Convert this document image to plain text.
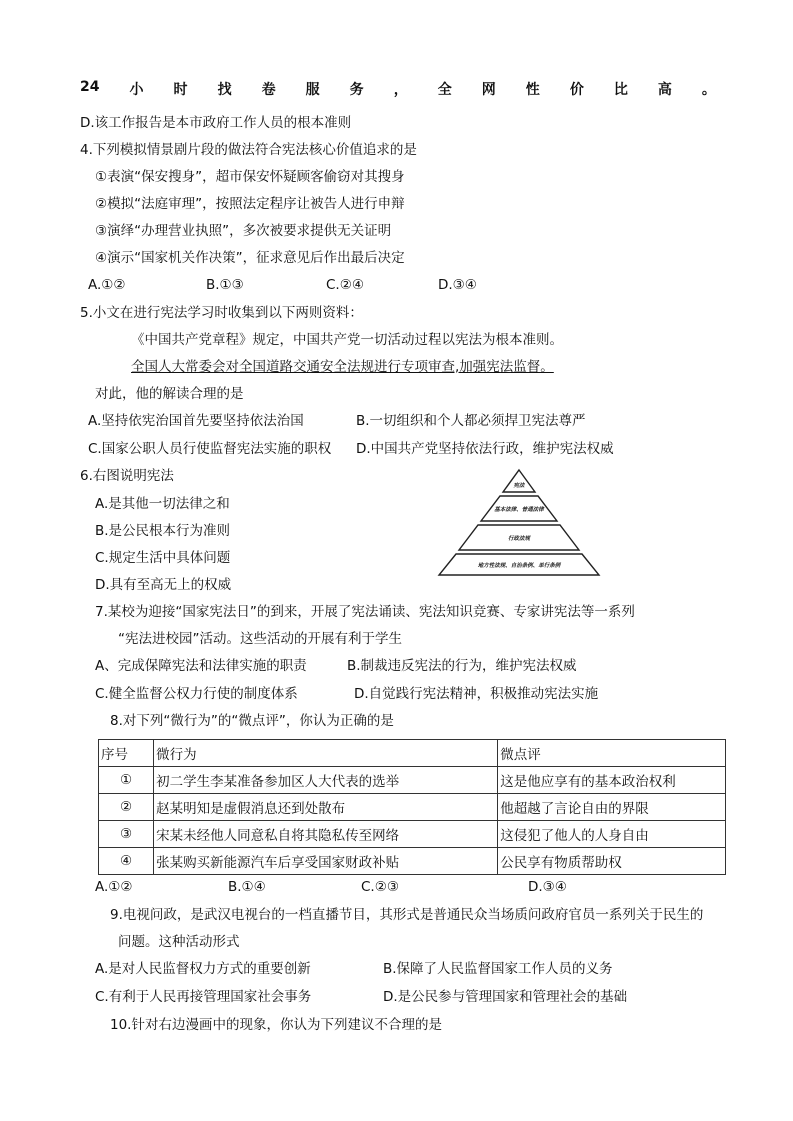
24 小 时 找 卷 服 务 ， 全 网 性 价 比 高 。
D.该工作报告是本市政府工作人员的根本准则
4.下列模拟情景剧片段的做法符合宪法核心价值追求的是
①表演“保安搜身”，超市保安怀疑顾客偷窃对其搜身
②模拟“法庭审理”，按照法定程序让被告人进行申辩
③演绎“办理营业执照”，多次被要求提供无关证明
④演示“国家机关作决策”，征求意见后作出最后决定
A.①②	B.①③	C.②④	D.③④
5.小文在进行宪法学习时收集到以下两则资料：
《中国共产党章程》规定，中国共产党一切活动过程以宪法为根本准则。
全国人大常委会对全国道路交通安全法规进行专项审查,加强宪法监督。
对此，他的解读合理的是
A.坚持依宪治国首先要坚持依法治国	B.一切组织和个人都必须捍卫宪法尊严
C.国家公职人员行使监督宪法实施的职权	D.中国共产党坚持依法行政，维护宪法权威
6.右图说明宪法
A.是其他一切法律之和
B.是公民根本行为准则
C.规定生活中具体问题
D.具有至高无上的权威
宪法
基本法律、普通法律
行政法规
地方性法规、自治条例、单行条例
7.某校为迎接“国家宪法日”的到来，开展了宪法诵读、宪法知识竞赛、专家讲宪法等一系列
“宪法进校园”活动。这些活动的开展有利于学生
A、完成保障宪法和法律实施的职责	B.制裁违反宪法的行为，维护宪法权威
C.健全监督公权力行使的制度体系	D.自觉践行宪法精神，积极推动宪法实施
8.对下列“微行为”的“微点评”，你认为正确的是
序号	微行为	微点评
①	初二学生李某准备参加区人大代表的选举	这是他应享有的基本政治权利
②	赵某明知是虚假消息还到处散布	他超越了言论自由的界限
③	宋某未经他人同意私自将其隐私传至网络	这侵犯了他人的人身自由
④	张某购买新能源汽车后享受国家财政补贴	公民享有物质帮助权
A.①②	B.①④	C.②③	D.③④
9.电视问政，是武汉电视台的一档直播节目，其形式是普通民众当场质问政府官员一系列关于民生的
问题。这种活动形式
A.是对人民监督权力方式的重要创新	B.保障了人民监督国家工作人员的义务
C.有利于人民再接管理国家社会事务	D.是公民参与管理国家和管理社会的基础
10.针对右边漫画中的现象，你认为下列建议不合理的是
